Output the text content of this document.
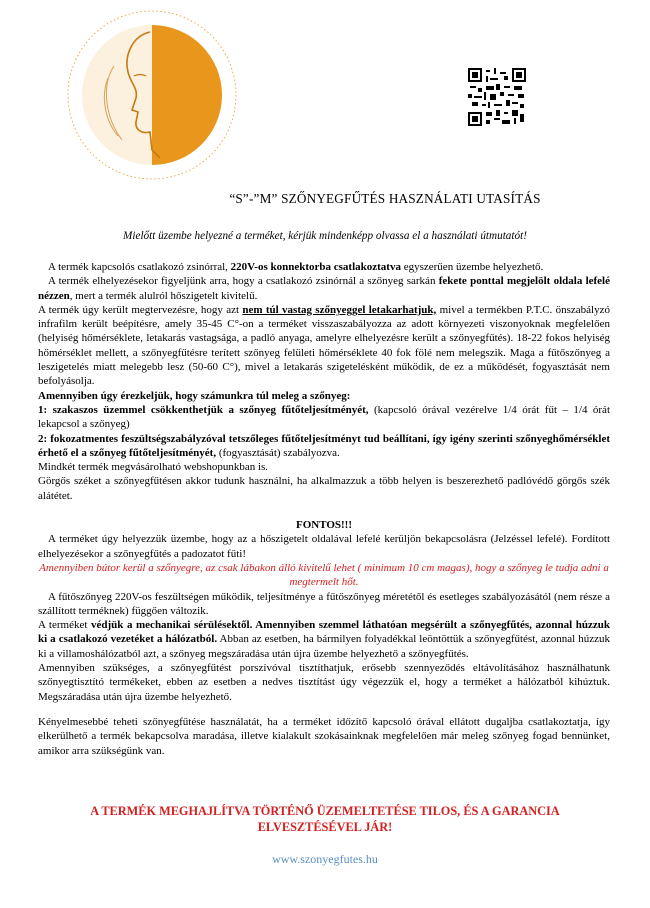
“S”-”M” SZŐNYEGFŰTÉS HASZNÁLATI UTASÍTÁS
Mielőtt üzembe helyezné a terméket, kérjük mindenképp olvassa el a használati útmutatót!

A termék kapcsolós csatlakozó zsinórral, 220V-os konnektorba csatlakoztatva egyszerűen üzembe helyezhető.

A termék elhelyezésekor figyeljünk arra, hogy a csatlakozó zsinórnál a szőnyeg sarkán fekete ponttal megjelölt oldala lefelé nézzen, mert a termék alulról hőszigetelt kivitelű.

A termék úgy került megtervezésre, hogy azt nem túl vastag szőnyeggel letakarhatjuk, mivel a termékben P.T.C. önszabályzó infrafilm került beépítésre, amely 35-45 C°-on a terméket visszaszabályozza az adott környezeti viszonyoknak megfelelően (helyiség hőmérséklete, letakarás vastagsága, a padló anyaga, amelyre elhelyezésre került a szőnyegfűtés). 18-22 fokos helyiség hőmérséklet mellett, a szőnyegfűtésre terített szőnyeg felületi hőmérséklete 40 fok fölé nem melegszik. Maga a fűtőszőnyeg a leszigetelés miatt melegebb lesz (50-60 C°), mivel a letakarás szigetelésként működik, de ez a működését, fogyasztását nem befolyásolja.

Amennyiben úgy érezkeljük, hogy számunkra túl meleg a szőnyeg:

1: szakaszos üzemmel csökkenthetjük a szőnyeg fűtőteljesítményét, (kapcsoló órával vezérelve 1/4 órát fűt – 1/4 órát lekapcsol a szőnyeg)

2: fokozatmentes feszültségszabályzóval tetszőleges fűtőteljesítményt tud beállítani, így igény szerinti szőnyeghőmérséklet érhető el a szőnyeg fűtőteljesítményét, (fogyasztását) szabályozva.

Mindkét termék megvásárolható webshopunkban is.

Görgős széket a szőnyegfűtésen akkor tudunk használni, ha alkalmazzuk a több helyen is beszerezhető padlóvédő görgős szék alátétet.

FONTOS!!!

A terméket úgy helyezzük üzembe, hogy az a hőszigetelt oldalával lefelé kerüljön bekapcsolásra (Jelzéssel lefelé). Fordított elhelyezésekor a szőnyegfűtés a padozatot fűti!

Amennyiben bútor kerül a szőnyegre, az csak lábakon álló kivitelű lehet ( minimum 10 cm magas), hogy a szőnyeg le tudja adni a megtermelt hőt.

A fűtőszőnyeg 220V-os feszültségen működik, teljesítménye a fűtőszőnyeg méretétől és esetleges szabályozásától (nem része a szállított terméknek) függően változik.

A terméket védjük a mechanikai sérülésektől. Amennyiben szemmel láthatóan megsérült a szőnyegfűtés, azonnal húzzuk ki a csatlakozó vezetéket a hálózatból. Abban az esetben, ha bármilyen folyadékkal leöntöttük a szőnyegfűtést, azonnal húzzuk ki a villamoshálózatból azt, a szőnyeg megszáradása után újra üzembe helyezhető a szőnyegfűtés.

Amennyiben szükséges, a szőnyegfűtést porszívóval tisztíthatjuk, erősebb szennyeződés eltávolításához használhatunk szőnyegtisztító termékeket, ebben az esetben a nedves tisztítást úgy végezzük el, hogy a terméket a hálózatból kihúztuk. Megszáradása után újra üzembe helyezhető.

Kényelmesebbé teheti szőnyegfűtése használatát, ha a terméket időzítő kapcsoló órával ellátott dugaljba csatlakoztatja, így elkerülhető a termék bekapcsolva maradása, illetve kialakult szokásainknak megfelelően már meleg szőnyeg fogad bennünket, amikor arra szükségünk van.

A TERMÉK MEGHAJLÍTVA TÖRTÉNŐ ÜZEMELTETÉSE TILOS, ÉS A GARANCIA ELVESZTÉSÉVEL JÁR!
www.szonyegfutes.hu
